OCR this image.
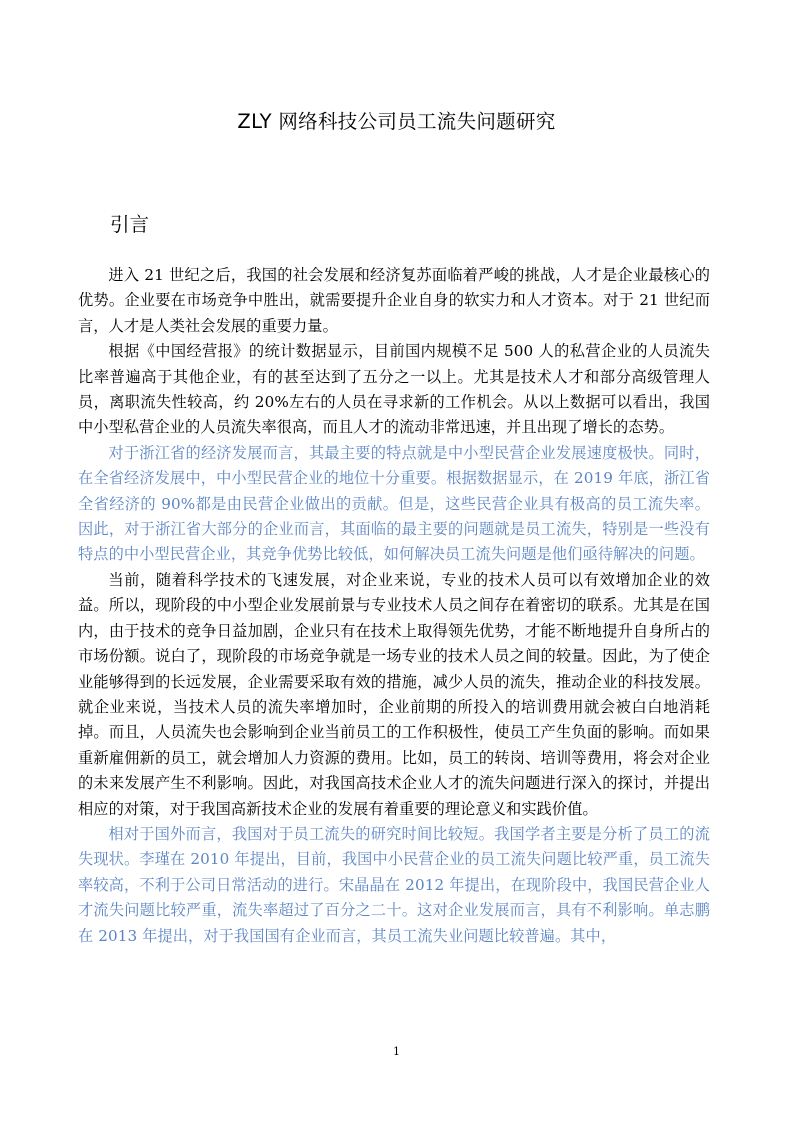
ZLY 网络科技公司员工流失问题研究
引言

进入 21 世纪之后，我国的社会发展和经济复苏面临着严峻的挑战，人才是企业最核心的优势。企业要在市场竞争中胜出，就需要提升企业自身的软实力和人才资本。对于 21 世纪而言，人才是人类社会发展的重要力量。

根据《中国经营报》的统计数据显示，目前国内规模不足 500 人的私营企业的人员流失比率普遍高于其他企业，有的甚至达到了五分之一以上。尤其是技术人才和部分高级管理人员，离职流失性较高，约 20%左右的人员在寻求新的工作机会。从以上数据可以看出，我国中小型私营企业的人员流失率很高，而且人才的流动非常迅速，并且出现了增长的态势。

对于浙江省的经济发展而言，其最主要的特点就是中小型民营企业发展速度极快。同时，在全省经济发展中，中小型民营企业的地位十分重要。根据数据显示，在 2019 年底，浙江省全省经济的 90%都是由民营企业做出的贡献。但是，这些民营企业具有极高的员工流失率。因此，对于浙江省大部分的企业而言，其面临的最主要的问题就是员工流失，特别是一些没有特点的中小型民营企业，其竞争优势比较低，如何解决员工流失问题是他们亟待解决的问题。

当前，随着科学技术的飞速发展，对企业来说，专业的技术人员可以有效增加企业的效益。所以，现阶段的中小型企业发展前景与专业技术人员之间存在着密切的联系。尤其是在国内，由于技术的竞争日益加剧，企业只有在技术上取得领先优势，才能不断地提升自身所占的市场份额。说白了，现阶段的市场竞争就是一场专业的技术人员之间的较量。因此，为了使企业能够得到的长远发展，企业需要采取有效的措施，减少人员的流失，推动企业的科技发展。就企业来说，当技术人员的流失率增加时，企业前期的所投入的培训费用就会被白白地消耗掉。而且，人员流失也会影响到企业当前员工的工作积极性，使员工产生负面的影响。而如果重新雇佣新的员工，就会增加人力资源的费用。比如，员工的转岗、培训等费用，将会对企业的未来发展产生不利影响。因此，对我国高技术企业人才的流失问题进行深入的探讨，并提出相应的对策，对于我国高新技术企业的发展有着重要的理论意义和实践价值。

相对于国外而言，我国对于员工流失的研究时间比较短。我国学者主要是分析了员工的流失现状。李瑾在 2010 年提出，目前，我国中小民营企业的员工流失问题比较严重，员工流失率较高，不利于公司日常活动的进行。宋晶晶在 2012 年提出，在现阶段中，我国民营企业人才流失问题比较严重，流失率超过了百分之二十。这对企业发展而言，具有不利影响。单志鹏在 2013 年提出，对于我国国有企业而言，其员工流失业问题比较普遍。其中，

1
